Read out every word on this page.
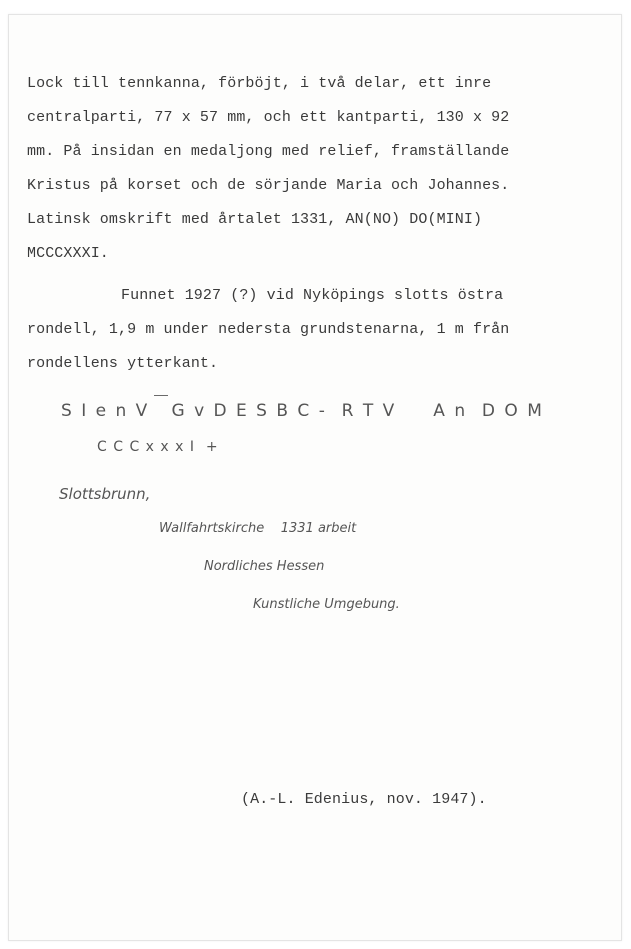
Lock till tennkanna, förböjt, i två delar, ett inre
centralparti, 77 x 57 mm, och ett kantparti, 130 x 92
mm. På insidan en medaljong med relief, framställande
Kristus på korset och de sörjande Maria och Johannes.
Latinsk omskrift med årtalet 1331, AN(NO) DO(MINI)
MCCCXXXI.
Funnet 1927 (?) vid Nyköpings slotts östra
rondell, 1,9 m under nedersta grundstenarna, 1 m från
rondellens ytterkant.
S I e n V   G v D E S B C -  R T V     A n  D O M
C C C x x x I  +
Slottsbrunn,
Wallfahrtskirche    1331 arbeit
Nordliches Hessen
Kunstliche Umgebung.
(A.-L. Edenius, nov. 1947).
